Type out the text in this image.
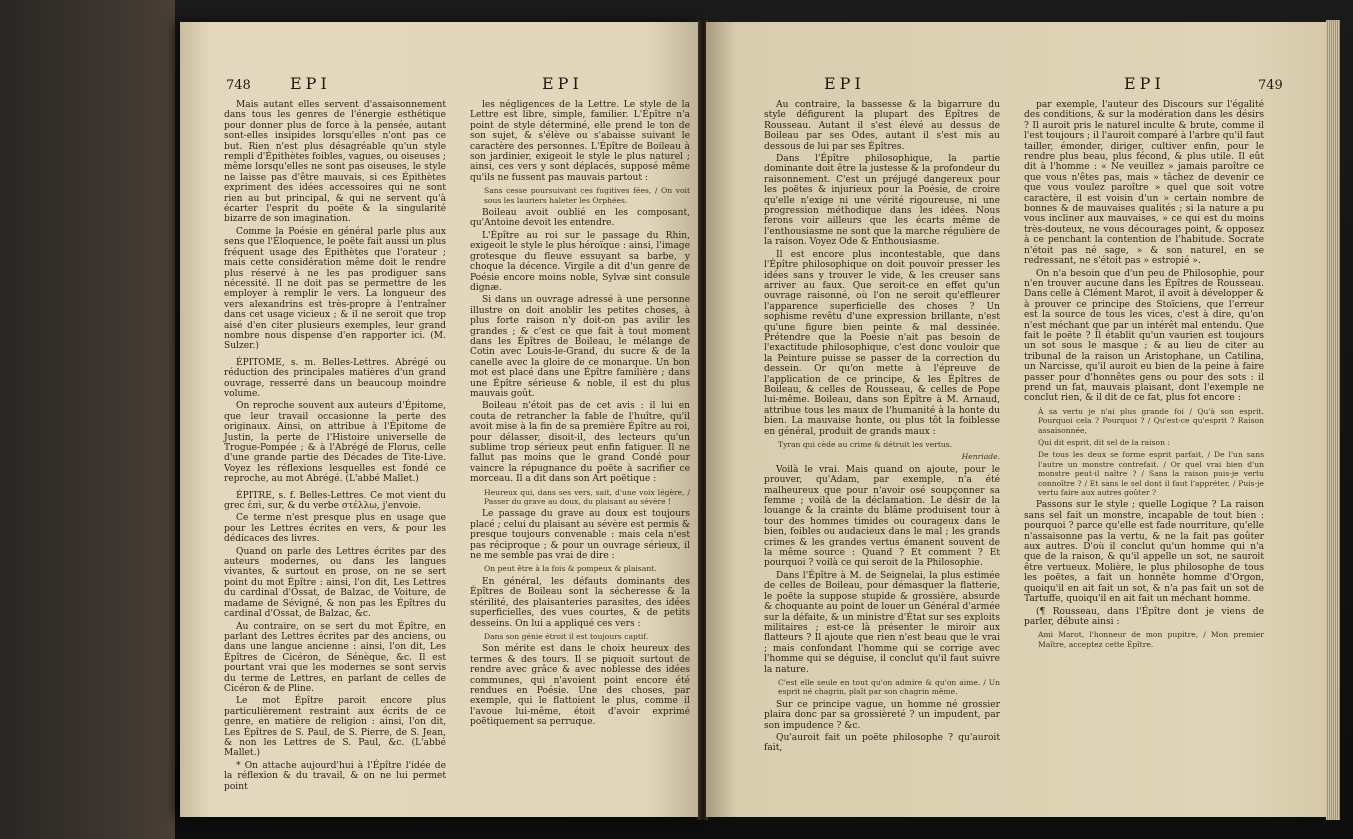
748 EPI	EPI

Mais autant elles servent d'assaisonnement dans tous les genres de l'énergie esthétique pour donner plus de force à la pensée, autant sont-elles insipides lorsqu'elles n'ont pas ce but. Rien n'est plus désagréable qu'un style rempli d'Épithètes foibles, vagues, ou oiseuses ; même lorsqu'elles ne sont pas oiseuses, le style ne laisse pas d'être mauvais, si ces Épithètes expriment des idées accessoires qui ne sont rien au but principal, & qui ne servent qu'à écarter l'esprit du poëte & la singularité bizarre de son imagination.

Comme la Poésie en général parle plus aux sens que l'Éloquence, le poëte fait aussi un plus fréquent usage des Épithètes que l'orateur ; mais cette considération même doit le rendre plus réservé à ne les pas prodiguer sans nécessité. Il ne doit pas se permettre de les employer à remplir le vers. La longueur des vers alexandrins est très-propre à l'entraîner dans cet usage vicieux ; & il ne seroit que trop aisé d'en citer plusieurs exemples, leur grand nombre nous dispense d'en rapporter ici. (M. Sulzer.)

ÉPITOME, s. m. Belles-Lettres. Abrégé ou réduction des principales matières d'un grand ouvrage, resserré dans un beaucoup moindre volume.

On reproche souvent aux auteurs d'Épitome, que leur travail occasionne la perte des originaux. Ainsi, on attribue à l'Épitome de Justin, la perte de l'Histoire universelle de Trogue-Pompée ; & à l'Abrégé de Florus, celle d'une grande partie des Décades de Tite-Live. Voyez les réflexions lesquelles est fondé ce reproche, au mot Abrégé. (L'abbé Mallet.)

ÉPITRE, s. f. Belles-Lettres. Ce mot vient du grec ἐπὶ, sur, & du verbe στέλλω, j'envoie.

Ce terme n'est presque plus en usage que pour les Lettres écrites en vers, & pour les dédicaces des livres.

Quand on parle des Lettres écrites par des auteurs modernes, ou dans les langues vivantes, & surtout en prose, on ne se sert point du mot Épître : ainsi, l'on dit, Les Lettres du cardinal d'Ossat, de Balzac, de Voiture, de madame de Sévigné, & non pas les Épîtres du cardinal d'Ossat, de Balzac, &c.

Au contraire, on se sert du mot Épître, en parlant des Lettres écrites par des anciens, ou dans une langue ancienne : ainsi, l'on dit, Les Épîtres de Cicéron, de Sénèque, &c. Il est pourtant vrai que les modernes se sont servis du terme de Lettres, en parlant de celles de Cicéron & de Pline.

Le mot Épître paroit encore plus particulièrement restraint aux écrits de ce genre, en matière de religion : ainsi, l'on dit, Les Épîtres de S. Paul, de S. Pierre, de S. Jean, & non les Lettres de S. Paul, &c. (L'abbé Mallet.)

* On attache aujourd'hui à l'Épître l'idée de la réflexion & du travail, & on ne lui permet point

les négligences de la Lettre. Le style de la Lettre est libre, simple, familier. L'Épître n'a point de style déterminé, elle prend le ton de son sujet, & s'élève ou s'abaisse suivant le caractère des personnes. L'Épître de Boileau à son jardinier, exigeoit le style le plus naturel ; ainsi, ces vers y sont déplacés, supposé même qu'ils ne fussent pas mauvais partout :

Sans cesse poursuivant ces fugitives fées, / On voit sous les lauriers haleter les Orphées.

Boileau avoit oublié en les composant, qu'Antoine devoit les entendre.

L'Épître au roi sur le passage du Rhin, exigeoit le style le plus héroïque : ainsi, l'image grotesque du fleuve essuyant sa barbe, y choque la décence. Virgile a dit d'un genre de Poésie encore moins noble, Sylvæ sint consule dignæ.

Si dans un ouvrage adressé à une personne illustre on doit anoblir les petites choses, à plus forte raison n'y doit-on pas avilir les grandes ; & c'est ce que fait à tout moment dans les Épîtres de Boileau, le mélange de Cotin avec Louis-le-Grand, du sucre & de la canelle avec la gloire de ce monarque. Un bon mot est placé dans une Épître familière ; dans une Épître sérieuse & noble, il est du plus mauvais goût.

Boileau n'étoit pas de cet avis : il lui en couta de retrancher la fable de l'huître, qu'il avoit mise à la fin de sa première Épître au roi, pour délasser, disoit-il, des lecteurs qu'un sublime trop sérieux peut enfin fatiguer. Il ne fallut pas moins que le grand Condé pour vaincre la répugnance du poëte à sacrifier ce morceau. Il a dit dans son Art poëtique :

Heureux qui, dans ses vers, sait, d'une voix légère, / Passer du grave au doux, du plaisant au sévère !

Le passage du grave au doux est toujours placé ; celui du plaisant au sévère est permis & presque toujours convenable : mais cela n'est pas réciproque ; & pour un ouvrage sérieux, il ne me semble pas vrai de dire :

On peut être à la fois & pompeux & plaisant.

En général, les défauts dominants des Épîtres de Boileau sont la sécheresse & la stérilité, des plaisanteries parasites, des idées superficielles, des vues courtes, & de petits desseins. On lui a appliqué ces vers :

Dans son génie étroit il est toujours captif.

Son mérite est dans le choix heureux des termes & des tours. Il se piquoit surtout de rendre avec grâce & avec noblesse des idées communes, qui n'avoient point encore été rendues en Poésie. Une des choses, par exemple, qui le flattoient le plus, comme il l'avoue lui-même, étoit d'avoir exprimé poëtiquement sa perruque.

EPI	EPI	749

Au contraire, la bassesse & la bigarrure du style défigurent la plupart des Épîtres de Rousseau. Autant il s'est élevé au dessus de Boileau par ses Odes, autant il s'est mis au dessous de lui par ses Épîtres.

Dans l'Épître philosophique, la partie dominante doit être la justesse & la profondeur du raisonnement. C'est un préjugé dangereux pour les poëtes & injurieux pour la Poésie, de croire qu'elle n'exige ni une vérité rigoureuse, ni une progression méthodique dans les idées. Nous ferons voir ailleurs que les écarts même de l'enthousiasme ne sont que la marche régulière de la raison. Voyez Ode & Enthousiasme.

Il est encore plus incontestable, que dans l'Épître philosophique on doit pouvoir presser les idées sans y trouver le vide, & les creuser sans arriver au faux. Que seroit-ce en effet qu'un ouvrage raisonné, où l'on ne seroit qu'effleurer l'apparence superficielle des choses ? Un sophisme revêtu d'une expression brillante, n'est qu'une figure bien peinte & mal dessinée. Prétendre que la Poésie n'ait pas besoin de l'exactitude philosophique, c'est donc vouloir que la Peinture puisse se passer de la correction du dessein. Or qu'on mette à l'épreuve de l'application de ce principe, & les Épîtres de Boileau, & celles de Rousseau, & celles de Pope lui-même. Boileau, dans son Épître à M. Arnaud, attribue tous les maux de l'humanité à la honte du bien. La mauvaise honte, ou plus tôt la foiblesse en général, produit de grands maux :

Tyran qui cède au crime & détruit les vertus.

Henriade.

Voilà le vrai. Mais quand on ajoute, pour le prouver, qu'Adam, par exemple, n'a été malheureux que pour n'avoir osé soupçonner sa femme ; voilà de la déclamation. Le désir de la louange & la crainte du blâme produisent tour à tour des hommes timides ou courageux dans le bien, foibles ou audacieux dans le mal ; les grands crimes & les grandes vertus émanent souvent de la même source : Quand ? Et comment ? Et pourquoi ? voilà ce qui seroit de la Philosophie.

Dans l'Épître à M. de Seignelai, la plus estimée de celles de Boileau, pour démasquer la flatterie, le poëte la suppose stupide & grossière, absurde & choquante au point de louer un Général d'armée sur la défaite, & un ministre d'État sur ses exploits militaires ; est-ce là présenter le miroir aux flatteurs ? Il ajoute que rien n'est beau que le vrai ; mais confondant l'homme qui se corrige avec l'homme qui se déguise, il conclut qu'il faut suivre la nature.

C'est elle seule en tout qu'on admire & qu'on aime. / Un esprit né chagrin, plaît par son chagrin même.

Sur ce principe vague, un homme né grossier plaira donc par sa grossièreté ? un impudent, par son impudence ? &c.

Qu'auroit fait un poëte philosophe ? qu'auroit fait,

par exemple, l'auteur des Discours sur l'égalité des conditions, & sur la modération dans les désirs ? Il auroit pris le naturel inculte & brute, comme il l'est toujours ; il l'auroit comparé à l'arbre qu'il faut tailler, émonder, diriger, cultiver enfin, pour le rendre plus beau, plus fécond, & plus utile. Il eût dit à l'homme : « Ne veuillez » jamais paroître ce que vous n'êtes pas, mais » tâchez de devenir ce que vous voulez paroître » quel que soit votre caractère, il est voisin d'un » certain nombre de bonnes & de mauvaises qualités ; si la nature a pu vous incliner aux mauvaises, » ce qui est du moins très-douteux, ne vous décourages point, & opposez à ce penchant la contention de l'habitude. Socrate n'étoit pas né sage, » & son naturel, en se redressant, ne s'étoit pas » estropié ».

On n'a besoin que d'un peu de Philosophie, pour n'en trouver aucune dans les Épîtres de Rousseau. Dans celle à Clément Marot, il avoit à développer & à prouver ce principe des Stoïciens, que l'erreur est la source de tous les vices, c'est à dire, qu'on n'est méchant que par un intérêt mal entendu. Que fait le poëte ? Il établit qu'un vaurien est toujours un sot sous le masque ; & au lieu de citer au tribunal de la raison un Aristophane, un Catilina, un Narcisse, qu'il auroit eu bien de la peine à faire passer pour d'honnêtes gens ou pour des sots : il prend un fat, mauvais plaisant, dont l'exemple ne conclut rien, & il dit de ce fat, plus fot encore :

À sa vertu je n'ai plus grande foi / Qu'à son esprit. Pourquoi cela ? Pourquoi ? / Qu'est-ce qu'esprit ? Raison assaisonnée,

Qui dit esprit, dit sel de la raison :

De tous les deux se forme esprit parfait, / De l'un sans l'autre un monstre contrefait. / Or quel vrai bien d'un monstre peut-il naître ? / Sans la raison puis-je vertu connoître ? / Et sans le sel dont il faut l'appréter, / Puis-je vertu faire aux autres goûter ?

Passons sur le style ; quelle Logique ? La raison sans sel fait un monstre, incapable de tout bien : pourquoi ? parce qu'elle est fade nourriture, qu'elle n'assaisonne pas la vertu, & ne la fait pas goûter aux autres. D'où il conclut qu'un homme qui n'a que de la raison, & qu'il appelle un sot, ne sauroit être vertueux. Molière, le plus philosophe de tous les poëtes, a fait un honnête homme d'Orgon, quoiqu'il en ait fait un sot, & n'a pas fait un sot de Tartuffe, quoiqu'il en ait fait un méchant homme.

(¶ Rousseau, dans l'Épître dont je viens de parler, débute ainsi :

Ami Marot, l'honneur de mon pupitre, / Mon premier Maître, acceptez cette Épître.
